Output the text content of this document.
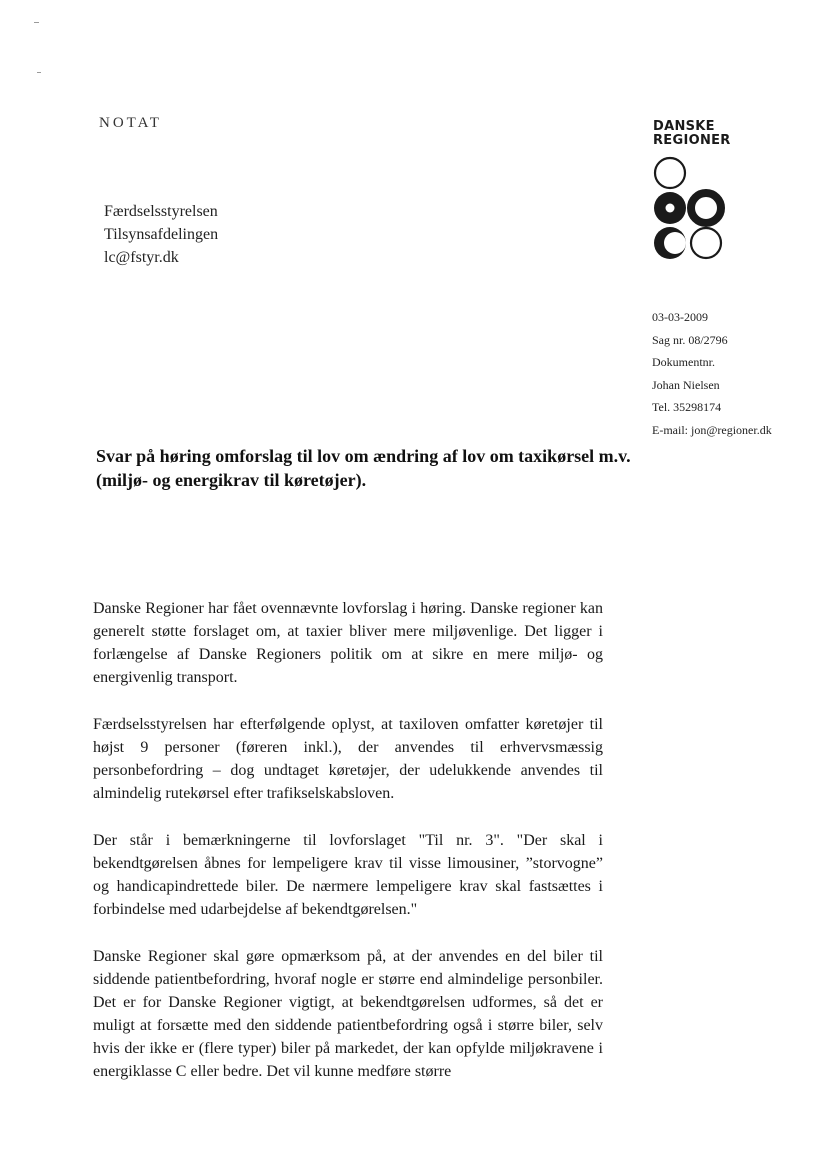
NOTAT
Færdselsstyrelsen
Tilsynsafdelingen
lc@fstyr.dk
DANSKE
REGIONER
03-03-2009
Sag nr. 08/2796
Dokumentnr.
Johan Nielsen
Tel. 35298174
E-mail: jon@regioner.dk
Svar på høring omforslag til lov om ændring af lov om taxikørsel m.v. (miljø- og energikrav til køretøjer).

Danske Regioner har fået ovennævnte lovforslag i høring. Danske regioner kan generelt støtte forslaget om, at taxier bliver mere miljøvenlige. Det ligger i forlængelse af Danske Regioners politik om at sikre en mere miljø- og energivenlig transport.

Færdselsstyrelsen har efterfølgende oplyst, at taxiloven omfatter køretøjer til højst 9 personer (føreren inkl.), der anvendes til erhvervsmæssig personbefordring – dog undtaget køretøjer, der udelukkende anvendes til almindelig rutekørsel efter trafikselskabsloven.

Der står i bemærkningerne til lovforslaget "Til nr. 3". "Der skal i bekendtgørelsen åbnes for lempeligere krav til visse limousiner, ”storvogne” og handicapindrettede biler. De nærmere lempeligere krav skal fastsættes i forbindelse med udarbejdelse af bekendtgørelsen."

Danske Regioner skal gøre opmærksom på, at der anvendes en del biler til siddende patientbefordring, hvoraf nogle er større end almindelige personbiler. Det er for Danske Regioner vigtigt, at bekendtgørelsen udformes, så det er muligt at forsætte med den siddende patientbefordring også i større biler, selv hvis der ikke er (flere typer) biler på markedet, der kan opfylde miljøkravene i energiklasse C eller bedre. Det vil kunne medføre større
